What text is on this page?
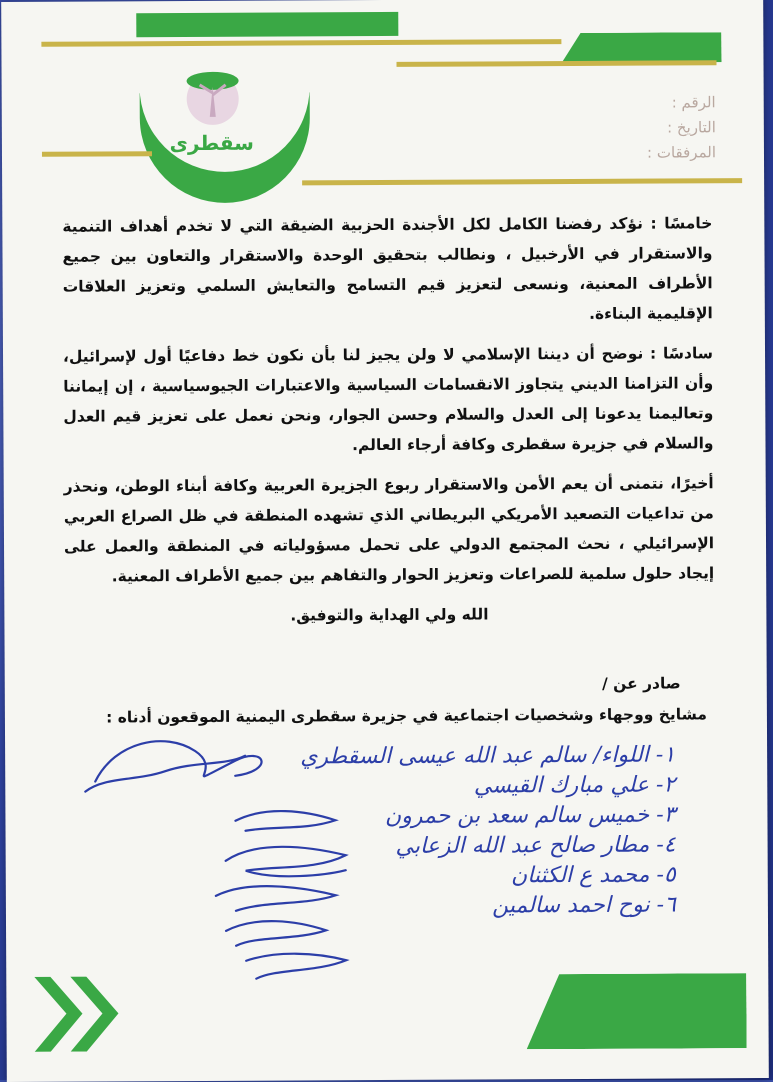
سقطرى
الرقم :
التاريخ :
المرفقات :

خامسًا : نؤكد رفضنا الكامل لكل الأجندة الحزبية الضيقة التي لا تخدم أهداف التنمية والاستقرار في الأرخبيل ، ونطالب بتحقيق الوحدة والاستقرار والتعاون بين جميع الأطراف المعنية، ونسعى لتعزيز قيم التسامح والتعايش السلمي وتعزيز العلاقات الإقليمية البناءة.

سادسًا : نوضح أن ديننا الإسلامي لا ولن يجيز لنا بأن نكون خط دفاعيًا أول لإسرائيل، وأن التزامنا الديني يتجاوز الانقسامات السياسية والاعتبارات الجيوسياسية ، إن إيماننا وتعاليمنا يدعونا إلى العدل والسلام وحسن الجوار، ونحن نعمل على تعزيز قيم العدل والسلام في جزيرة سقطرى وكافة أرجاء العالم.

أخيرًا، نتمنى أن يعم الأمن والاستقرار ربوع الجزيرة العربية وكافة أبناء الوطن، ونحذر من تداعيات التصعيد الأمريكي البريطاني الذي تشهده المنطقة في ظل الصراع العربي الإسرائيلي ، نحث المجتمع الدولي على تحمل مسؤولياته في المنطقة والعمل على إيجاد حلول سلمية للصراعات وتعزيز الحوار والتفاهم بين جميع الأطراف المعنية.

الله ولي الهداية والتوفيق.

صادر عن /
مشايخ ووجهاء وشخصيات اجتماعية في جزيرة سقطرى اليمنية الموقعون أدناه :
١- اللواء/ سالم عبد الله عيسى السقطري
٢- علي مبارك القيسي
٣- خميس سالم سعد بن حمرون
٤- مطار صالح عبد الله الزعابي
٥- محمد ع الكثنان
٦- نوح احمد سالمين
